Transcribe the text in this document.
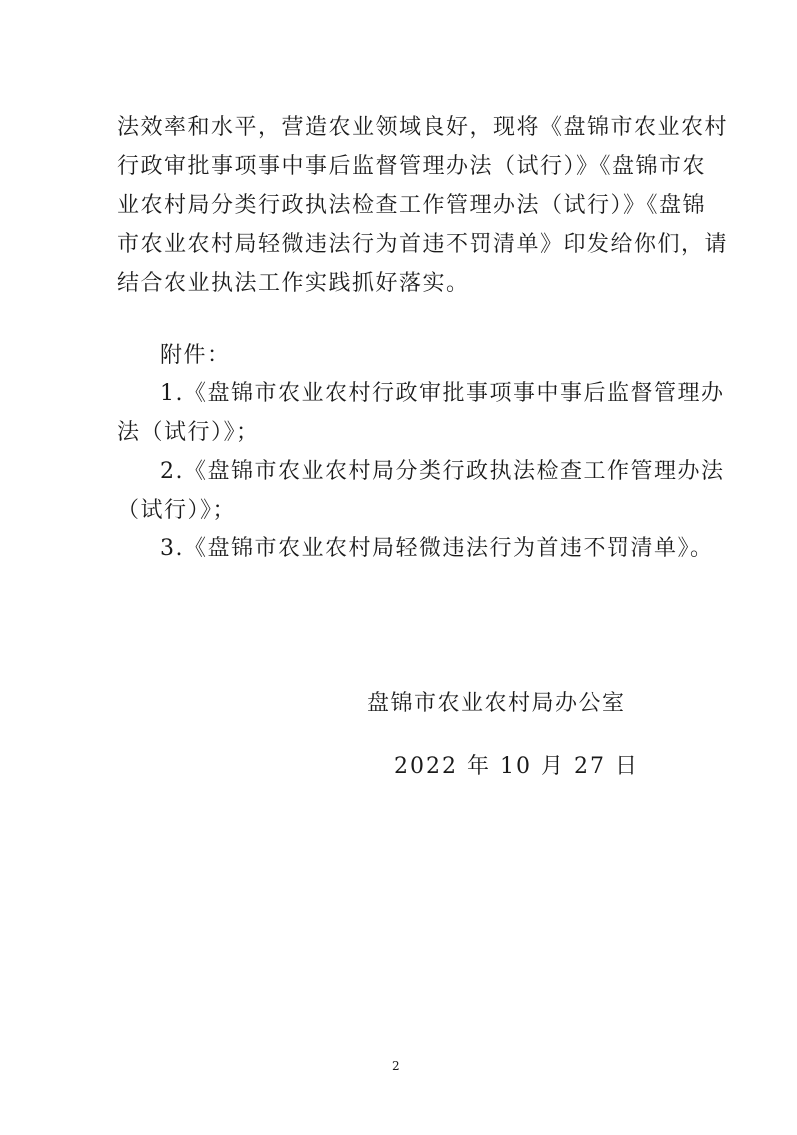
法效率和水平，营造农业领域良好，现将《盘锦市农业农村
行政审批事项事中事后监督管理办法（试行）》《盘锦市农
业农村局分类行政执法检查工作管理办法（试行）》《盘锦
市农业农村局轻微违法行为首违不罚清单》印发给你们，请
结合农业执法工作实践抓好落实。
附件：
1.《盘锦市农业农村行政审批事项事中事后监督管理办
法（试行）》；
2.《盘锦市农业农村局分类行政执法检查工作管理办法
（试行）》；
3.《盘锦市农业农村局轻微违法行为首违不罚清单》。
盘锦市农业农村局办公室
2022 年 10 月 27 日
2
